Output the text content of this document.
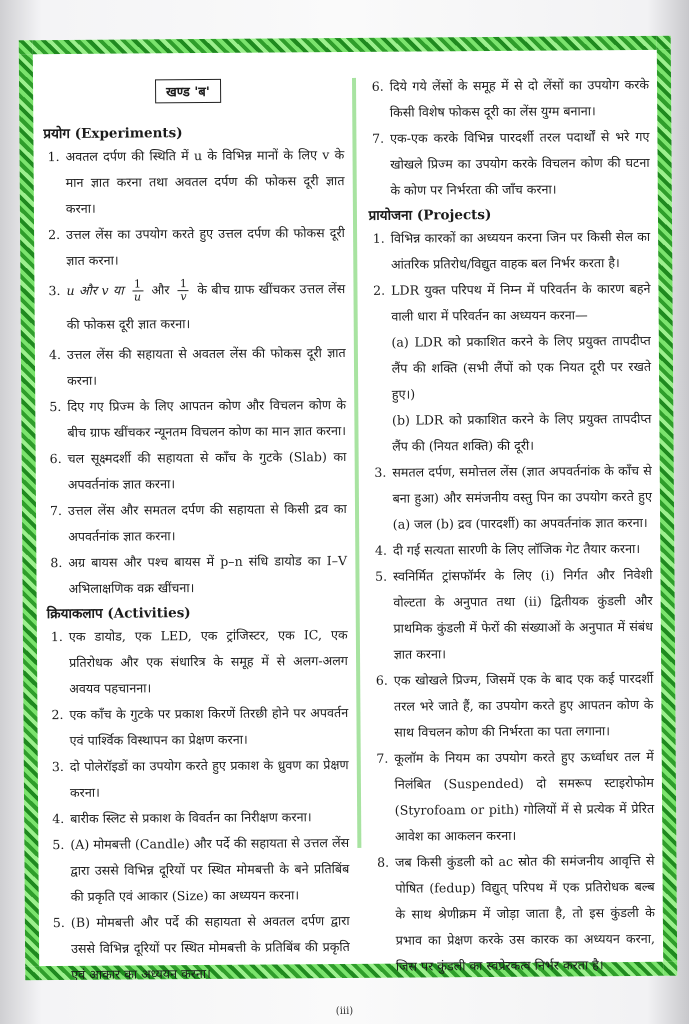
खण्ड 'ब'
प्रयोग (Experiments)
1. अवतल दर्पण की स्थिति में u के विभिन्न मानों के लिए v के मान ज्ञात करना तथा अवतल दर्पण की फोकस दूरी ज्ञात करना।
2. उत्तल लेंस का उपयोग करते हुए उत्तल दर्पण की फोकस दूरी ज्ञात करना।
3. u और v या $\frac{1}{u}$ और $\frac{1}{v}$ के बीच ग्राफ खींचकर उत्तल लेंस की फोकस दूरी ज्ञात करना।
4. उत्तल लेंस की सहायता से अवतल लेंस की फोकस दूरी ज्ञात करना।
5. दिए गए प्रिज्म के लिए आपतन कोण और विचलन कोण के बीच ग्राफ खींचकर न्यूनतम विचलन कोण का मान ज्ञात करना।
6. चल सूक्ष्मदर्शी की सहायता से काँच के गुटके (Slab) का अपवर्तनांक ज्ञात करना।
7. उत्तल लेंस और समतल दर्पण की सहायता से किसी द्रव का अपवर्तनांक ज्ञात करना।
8. अग्र बायस और पश्च बायस में p–n संधि डायोड का I–V अभिलाक्षणिक वक्र खींचना।
क्रियाकलाप (Activities)
1. एक डायोड, एक LED, एक ट्रांजिस्टर, एक IC, एक प्रतिरोधक और एक संधारित्र के समूह में से अलग-अलग अवयव पहचानना।
2. एक काँच के गुटके पर प्रकाश किरणें तिरछी होने पर अपवर्तन एवं पार्श्विक विस्थापन का प्रेक्षण करना।
3. दो पोलेरॉइडों का उपयोग करते हुए प्रकाश के ध्रुवण का प्रेक्षण करना।
4. बारीक स्लिट से प्रकाश के विवर्तन का निरीक्षण करना।
5. (A) मोमबत्ती (Candle) और पर्दे की सहायता से उत्तल लेंस द्वारा उससे विभिन्न दूरियों पर स्थित मोमबत्ती के बने प्रतिबिंब की प्रकृति एवं आकार (Size) का अध्ययन करना।
5. (B) मोमबत्ती और पर्दे की सहायता से अवतल दर्पण द्वारा उससे विभिन्न दूरियों पर स्थित मोमबत्ती के प्रतिबिंब की प्रकृति एवं आकार का अध्ययन करना।
6. दिये गये लेंसों के समूह में से दो लेंसों का उपयोग करके किसी विशेष फोकस दूरी का लेंस युग्म बनाना।
7. एक-एक करके विभिन्न पारदर्शी तरल पदार्थों से भरे गए खोखले प्रिज्म का उपयोग करके विचलन कोण की घटना के कोण पर निर्भरता की जाँच करना।
प्रायोजना (Projects)
1. विभिन्न कारकों का अध्ययन करना जिन पर किसी सेल का आंतरिक प्रतिरोध/विद्युत वाहक बल निर्भर करता है।
2. LDR युक्त परिपथ में निम्न में परिवर्तन के कारण बहने वाली धारा में परिवर्तन का अध्ययन करना—
(a) LDR को प्रकाशित करने के लिए प्रयुक्त तापदीप्त लैंप की शक्ति (सभी लैंपों को एक नियत दूरी पर रखते हुए।)
(b) LDR को प्रकाशित करने के लिए प्रयुक्त तापदीप्त लैंप की (नियत शक्ति) की दूरी।
3. समतल दर्पण, समोत्तल लेंस (ज्ञात अपवर्तनांक के काँच से बना हुआ) और समंजनीय वस्तु पिन का उपयोग करते हुए (a) जल (b) द्रव (पारदर्शी) का अपवर्तनांक ज्ञात करना।
4. दी गई सत्यता सारणी के लिए लॉजिक गेट तैयार करना।
5. स्वनिर्मित ट्रांसफॉर्मर के लिए (i) निर्गत और निवेशी वोल्टता के अनुपात तथा (ii) द्वितीयक कुंडली और प्राथमिक कुंडली में फेरों की संख्याओं के अनुपात में संबंध ज्ञात करना।
6. एक खोखले प्रिज्म, जिसमें एक के बाद एक कई पारदर्शी तरल भरे जाते हैं, का उपयोग करते हुए आपतन कोण के साथ विचलन कोण की निर्भरता का पता लगाना।
7. कूलॉम के नियम का उपयोग करते हुए ऊर्ध्वाधर तल में निलंबित (Suspended) दो समरूप स्टाइरोफोम (Styrofoam or pith) गोलियों में से प्रत्येक में प्रेरित आवेश का आकलन करना।
8. जब किसी कुंडली को ac स्रोत की समंजनीय आवृत्ति से पोषित (fedup) विद्युत् परिपथ में एक प्रतिरोधक बल्ब के साथ श्रेणीक्रम में जोड़ा जाता है, तो इस कुंडली के प्रभाव का प्रेक्षण करके उस कारक का अध्ययन करना, जिस पर कुंडली का स्वप्रेरकत्व निर्भर करता है।
(iii)
